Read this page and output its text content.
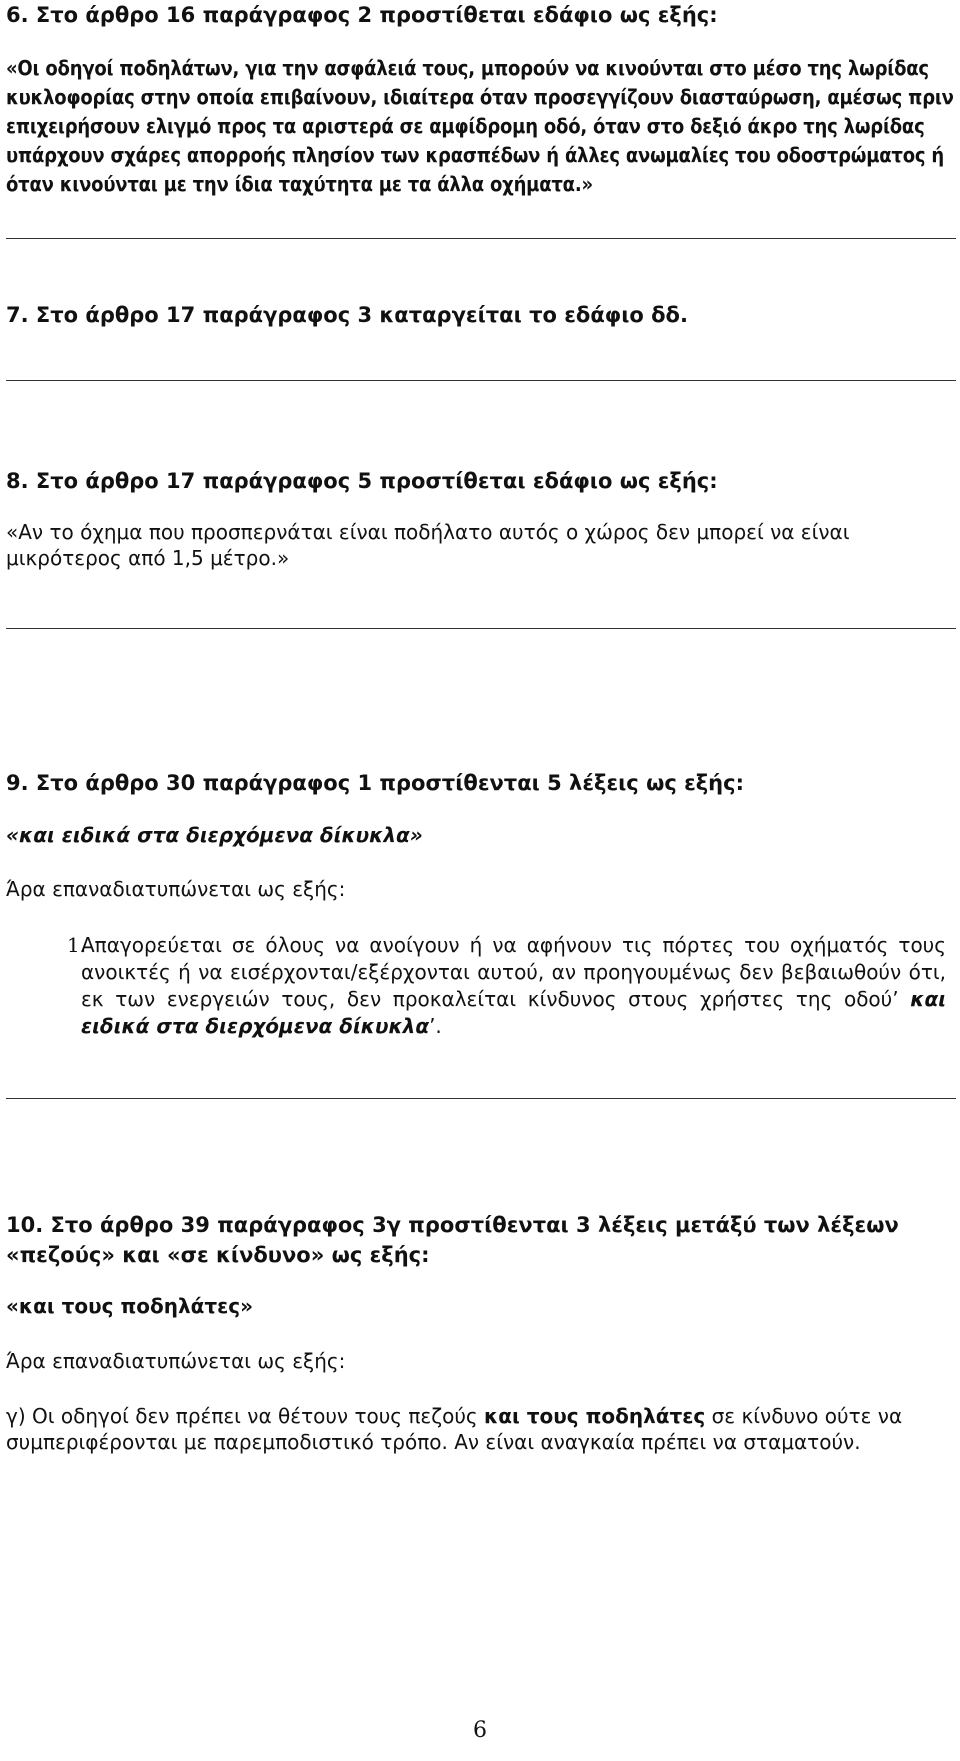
6. Στο άρθρο 16 παράγραφος 2 προστίθεται εδάφιο ως εξής:
«Οι οδηγοί ποδηλάτων, για την ασφάλειά τους, μπορούν να κινούνται στο μέσο της λωρίδας κυκλοφορίας στην οποία επιβαίνουν, ιδιαίτερα όταν προσεγγίζουν διασταύρωση, αμέσως πριν επιχειρήσουν ελιγμό προς τα αριστερά σε αμφίδρομη οδό, όταν στο δεξιό άκρο της λωρίδας υπάρχουν σχάρες απορροής πλησίον των κρασπέδων ή άλλες ανωμαλίες του οδοστρώματος ή όταν κινούνται με την ίδια ταχύτητα με τα άλλα οχήματα.»
7. Στο άρθρο 17 παράγραφος 3 καταργείται το εδάφιο δδ.
8. Στο άρθρο 17 παράγραφος 5 προστίθεται εδάφιο ως εξής:
«Αν το όχημα που προσπερνάται είναι ποδήλατο αυτός ο χώρος δεν μπορεί να είναι μικρότερος από 1,5 μέτρο.»
9. Στο άρθρο 30 παράγραφος 1 προστίθενται 5 λέξεις ως εξής:
«και ειδικά στα διερχόμενα δίκυκλα»
Άρα επαναδιατυπώνεται ως εξής:
1.
Απαγορεύεται σε όλους να ανοίγουν ή να αφήνουν τις πόρτες του οχήματός τους ανοικτές ή να εισέρχονται/εξέρχονται αυτού, αν προηγουμένως δεν βεβαιωθούν ότι, εκ των ενεργειών τους, δεν προκαλείται κίνδυνος στους χρήστες της οδού’ και ειδικά στα διερχόμενα δίκυκλα’.
10. Στο άρθρο 39 παράγραφος 3γ προστίθενται 3 λέξεις μετάξύ των λέξεων «πεζούς» και «σε κίνδυνο» ως εξής:
«και τους ποδηλάτες»
Άρα επαναδιατυπώνεται ως εξής:
γ) Οι οδηγοί δεν πρέπει να θέτουν τους πεζούς και τους ποδηλάτες σε κίνδυνο ούτε να συμπεριφέρονται με παρεμποδιστικό τρόπο. Αν είναι αναγκαία πρέπει να σταματούν.
6
